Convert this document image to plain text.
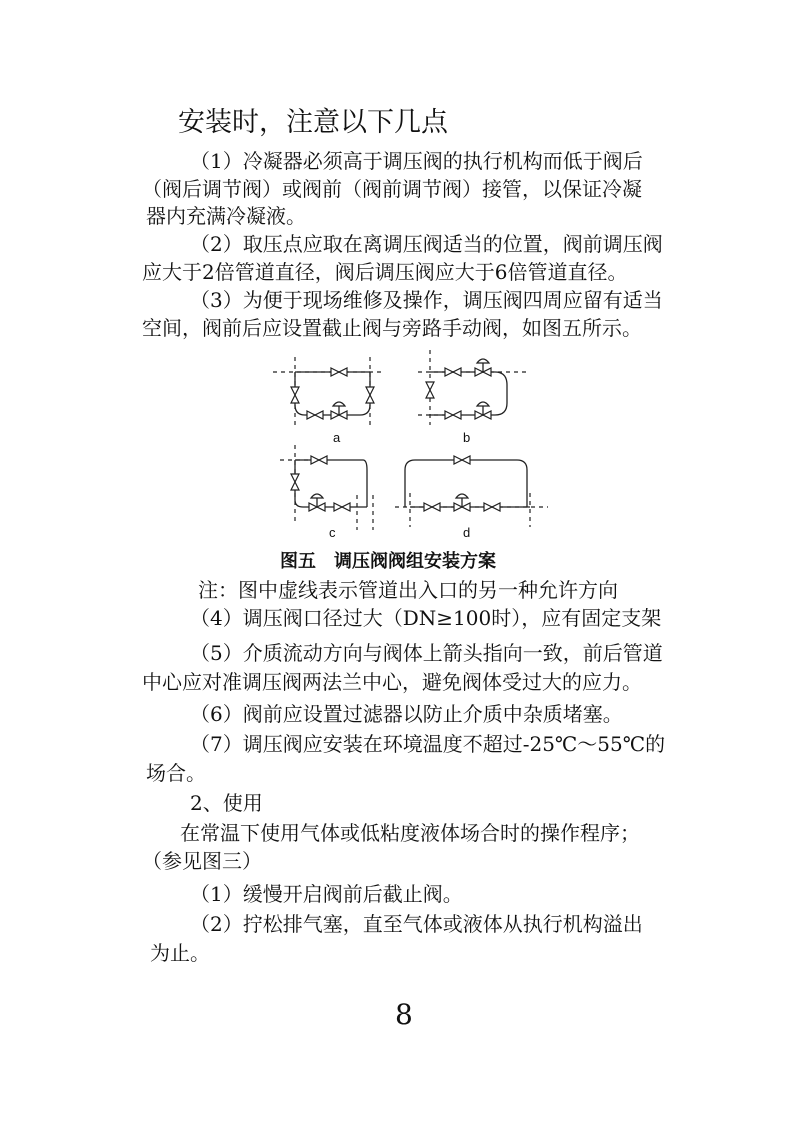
安装时，注意以下几点
（1）冷凝器必须高于调压阀的执行机构而低于阀后
（阀后调节阀）或阀前（阀前调节阀）接管，以保证冷凝
器内充满冷凝液。
（2）取压点应取在离调压阀适当的位置，阀前调压阀
应大于2倍管道直径，阀后调压阀应大于6倍管道直径。
（3）为便于现场维修及操作，调压阀四周应留有适当
空间，阀前后应设置截止阀与旁路手动阀，如图五所示。
a	b
c	d
图五　调压阀阀组安装方案
注：图中虚线表示管道出入口的另一种允许方向
（4）调压阀口径过大（DN≥100时），应有固定支架
（5）介质流动方向与阀体上箭头指向一致，前后管道
中心应对准调压阀两法兰中心，避免阀体受过大的应力。
（6）阀前应设置过滤器以防止介质中杂质堵塞。
（7）调压阀应安装在环境温度不超过-25℃～55℃的
场合。
2、使用
在常温下使用气体或低粘度液体场合时的操作程序；
（参见图三）
（1）缓慢开启阀前后截止阀。
（2）拧松排气塞，直至气体或液体从执行机构溢出
为止。
8
